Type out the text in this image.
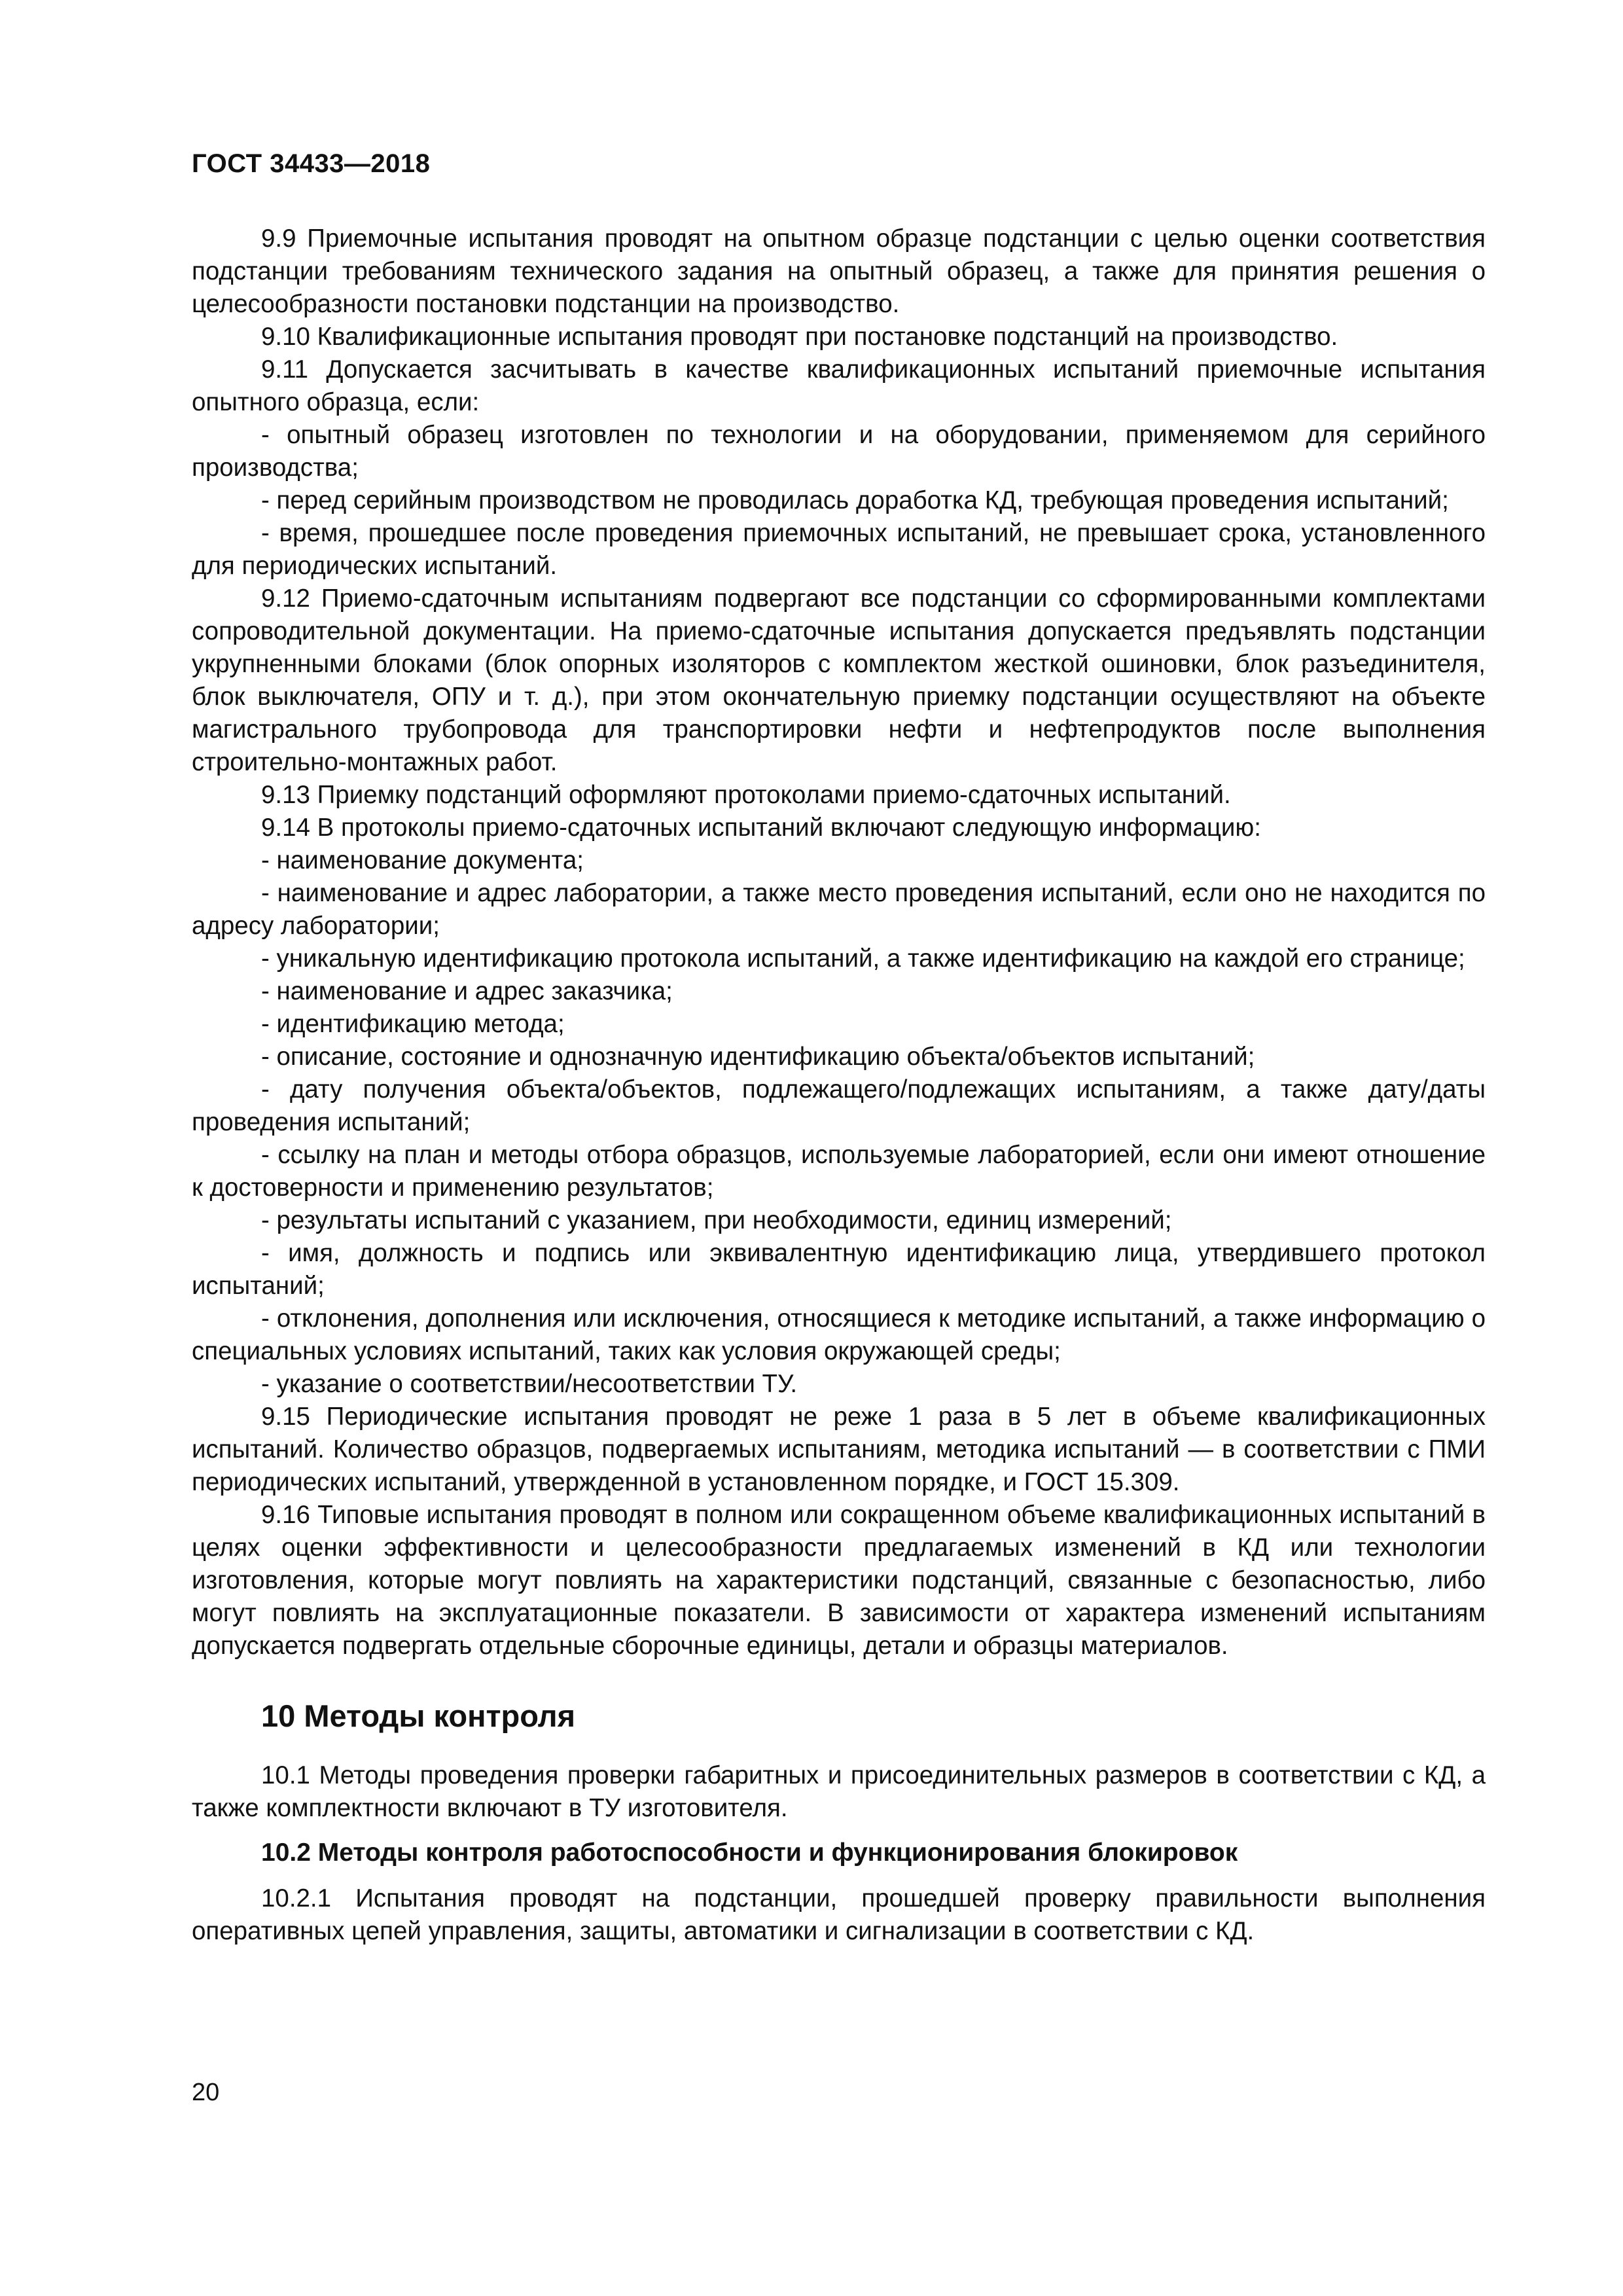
ГОСТ 34433—2018

9.9 Приемочные испытания проводят на опытном образце подстанции с целью оценки соответствия подстанции требованиям технического задания на опытный образец, а также для принятия решения о целесообразности постановки подстанции на производство.

9.10 Квалификационные испытания проводят при постановке подстанций на производство.

9.11 Допускается засчитывать в качестве квалификационных испытаний приемочные испытания опытного образца, если:

- опытный образец изготовлен по технологии и на оборудовании, применяемом для серийного производства;

- перед серийным производством не проводилась доработка КД, требующая проведения испытаний;

- время, прошедшее после проведения приемочных испытаний, не превышает срока, установленного для периодических испытаний.

9.12 Приемо-сдаточным испытаниям подвергают все подстанции со сформированными комплектами сопроводительной документации. На приемо-сдаточные испытания допускается предъявлять подстанции укрупненными блоками (блок опорных изоляторов с комплектом жесткой ошиновки, блок разъединителя, блок выключателя, ОПУ и т. д.), при этом окончательную приемку подстанции осуществляют на объекте магистрального трубопровода для транспортировки нефти и нефтепродуктов после выполнения строительно-монтажных работ.

9.13 Приемку подстанций оформляют протоколами приемо-сдаточных испытаний.

9.14 В протоколы приемо-сдаточных испытаний включают следующую информацию:

- наименование документа;

- наименование и адрес лаборатории, а также место проведения испытаний, если оно не находится по адресу лаборатории;

- уникальную идентификацию протокола испытаний, а также идентификацию на каждой его странице;

- наименование и адрес заказчика;

- идентификацию метода;

- описание, состояние и однозначную идентификацию объекта/объектов испытаний;

- дату получения объекта/объектов, подлежащего/подлежащих испытаниям, а также дату/даты проведения испытаний;

- ссылку на план и методы отбора образцов, используемые лабораторией, если они имеют отношение к достоверности и применению результатов;

- результаты испытаний с указанием, при необходимости, единиц измерений;

- имя, должность и подпись или эквивалентную идентификацию лица, утвердившего протокол испытаний;

- отклонения, дополнения или исключения, относящиеся к методике испытаний, а также информацию о специальных условиях испытаний, таких как условия окружающей среды;

- указание о соответствии/несоответствии ТУ.

9.15 Периодические испытания проводят не реже 1 раза в 5 лет в объеме квалификационных испытаний. Количество образцов, подвергаемых испытаниям, методика испытаний — в соответствии с ПМИ периодических испытаний, утвержденной в установленном порядке, и ГОСТ 15.309.

9.16 Типовые испытания проводят в полном или сокращенном объеме квалификационных испытаний в целях оценки эффективности и целесообразности предлагаемых изменений в КД или технологии изготовления, которые могут повлиять на характеристики подстанций, связанные с безопасностью, либо могут повлиять на эксплуатационные показатели. В зависимости от характера изменений испытаниям допускается подвергать отдельные сборочные единицы, детали и образцы материалов.

10 Методы контроля

10.1 Методы проведения проверки габаритных и присоединительных размеров в соответствии с КД, а также комплектности включают в ТУ изготовителя.

10.2 Методы контроля работоспособности и функционирования блокировок

10.2.1 Испытания проводят на подстанции, прошедшей проверку правильности выполнения оперативных цепей управления, защиты, автоматики и сигнализации в соответствии с КД.

20
